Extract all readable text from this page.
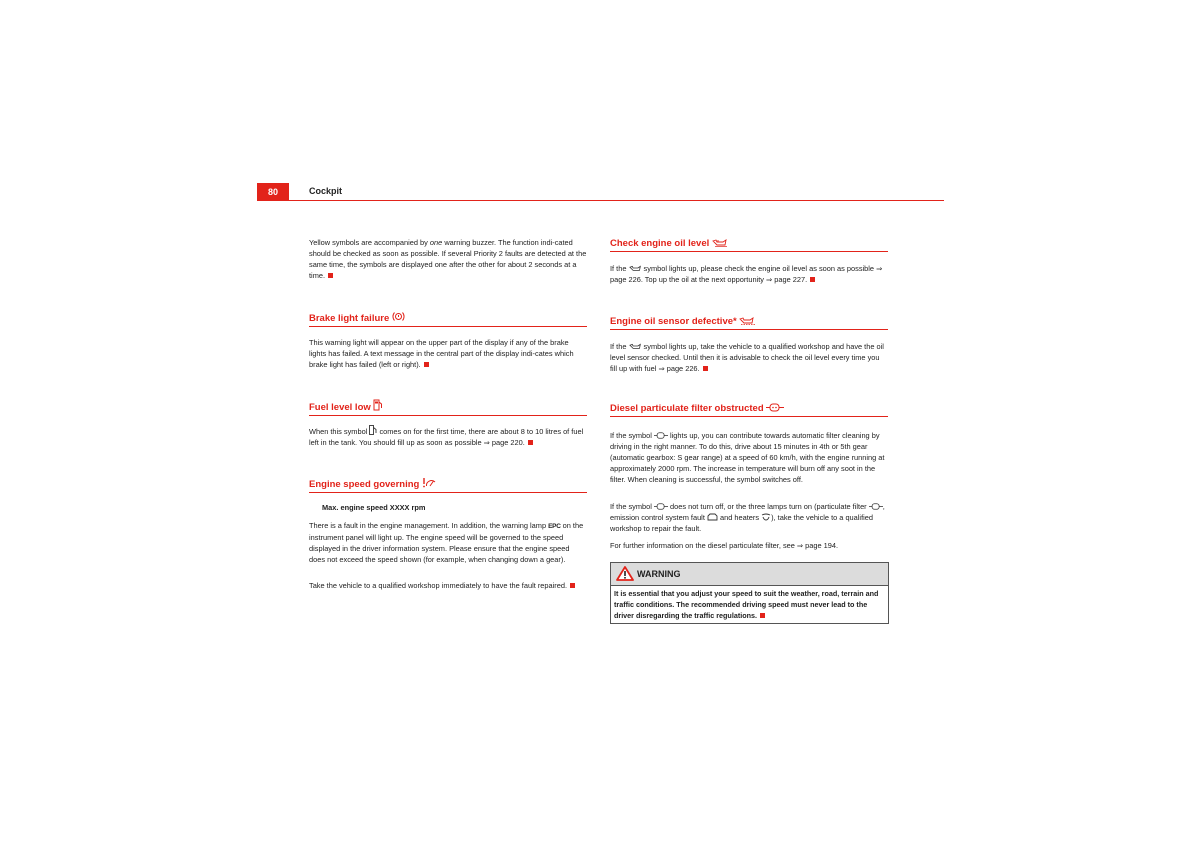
80	Cockpit

Yellow symbols are accompanied by one warning buzzer. The function indi-cated should be checked as soon as possible. If several Priority 2 faults are detected at the same time, the symbols are displayed one after the other for about 2 seconds at a time.

Brake light failure

This warning light will appear on the upper part of the display if any of the brake lights has failed. A text message in the central part of the display indi-cates which brake light has failed (left or right).

Fuel level low

When this symbol
comes on for the first time, there are about 8 to 10 litres of fuel left in the tank. You should fill up as soon as possible ⇒ page 220.

Engine speed governing
Max. engine speed XXXX rpm

There is a fault in the engine management. In addition, the warning lamp EPC on the instrument panel will light up. The engine speed will be governed to the speed displayed in the driver information system. Please ensure that the engine speed does not exceed the speed shown (for example, when changing down a gear).

Take the vehicle to a qualified workshop immediately to have the fault repaired.

Check engine oil level

If the
symbol lights up, please check the engine oil level as soon as possible ⇒ page 226. Top up the oil at the next opportunity ⇒ page 227.

Engine oil sensor defective*

If the
symbol lights up, take the vehicle to a qualified workshop and have the oil level sensor checked. Until then it is advisable to check the oil level every time you fill up with fuel ⇒ page 226.

Diesel particulate filter obstructed

If the symbol
lights up, you can contribute towards automatic filter cleaning by driving in the right manner. To do this, drive about 15 minutes in 4th or 5th gear (automatic gearbox: S gear range) at a speed of 60 km/h, with the engine running at approximately 2000 rpm. The increase in temperature will burn off any soot in the filter. When cleaning is successful, the symbol switches off.

If the symbol
does not turn off, or the three lamps turn on (particulate filter
, emission control system fault
and heaters
), take the vehicle to a qualified workshop to repair the fault.

For further information on the diesel particulate filter, see ⇒ page 194.

WARNING
It is essential that you adjust your speed to suit the weather, road, terrain and traffic conditions. The recommended driving speed must never lead to the driver disregarding the traffic regulations.
